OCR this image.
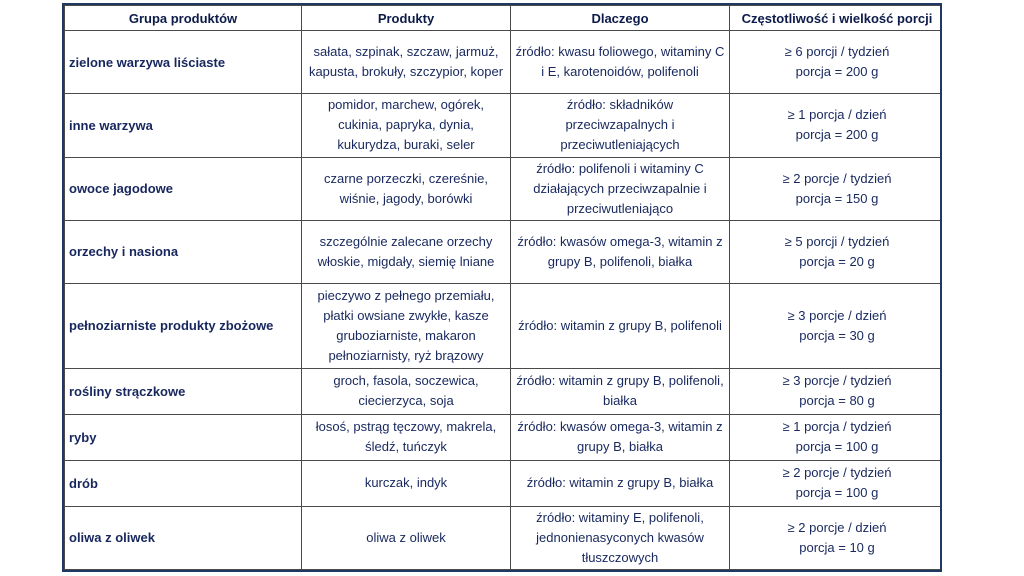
Grupa produktów	Produkty	Dlaczego	Częstotliwość i wielkość porcji
zielone warzywa liściaste	sałata, szpinak, szczaw, jarmuż, kapusta, brokuły, szczypior, koper	źródło: kwasu foliowego, witaminy C i E, karotenoidów, polifenoli	≥ 6 porcji / tydzień
porcja = 200 g

inne warzywa	pomidor, marchew, ogórek, cukinia, papryka, dynia, kukurydza, buraki, seler	źródło: składników przeciwzapalnych i przeciwutleniających	≥ 1 porcja / dzień
porcja = 200 g

owoce jagodowe	czarne porzeczki, czereśnie, wiśnie, jagody, borówki	źródło: polifenoli i witaminy C działających przeciwzapalnie i przeciwutleniająco	≥ 2 porcje / tydzień
porcja = 150 g

orzechy i nasiona	szczególnie zalecane orzechy włoskie, migdały, siemię lniane	źródło: kwasów omega-3, witamin z grupy B, polifenoli, białka	≥ 5 porcji / tydzień
porcja = 20 g

pełnoziarniste produkty zbożowe	pieczywo z pełnego przemiału, płatki owsiane zwykłe, kasze gruboziarniste, makaron pełnoziarnisty, ryż brązowy	źródło: witamin z grupy B, polifenoli	≥ 3 porcje / dzień
porcja = 30 g

rośliny strączkowe	groch, fasola, soczewica, ciecierzyca, soja	źródło: witamin z grupy B, polifenoli, białka	≥ 3 porcje / tydzień
porcja = 80 g

ryby	łosoś, pstrąg tęczowy, makrela, śledź, tuńczyk	źródło: kwasów omega-3, witamin z grupy B, białka	≥ 1 porcja / tydzień
porcja = 100 g

drób	kurczak, indyk	źródło: witamin z grupy B, białka	≥ 2 porcje / tydzień
porcja = 100 g

oliwa z oliwek	oliwa z oliwek	źródło: witaminy E, polifenoli, jednonienasyconych kwasów tłuszczowych	≥ 2 porcje / dzień
porcja = 10 g
